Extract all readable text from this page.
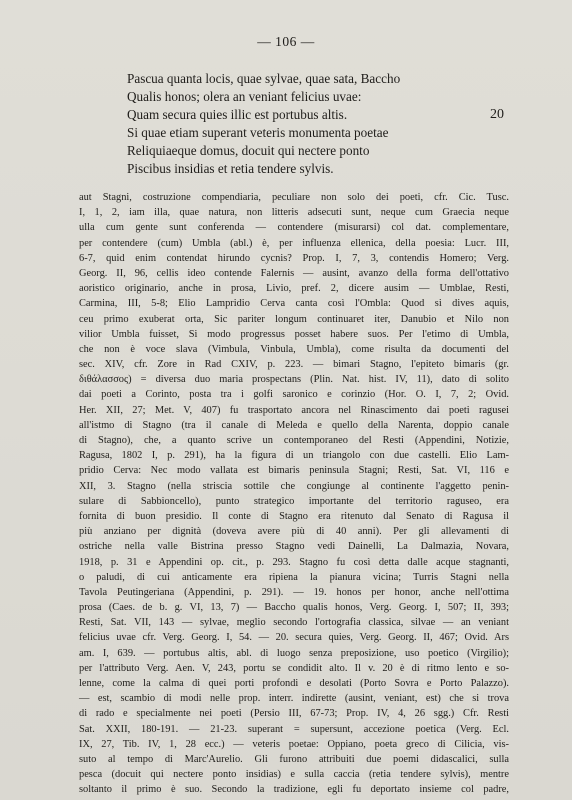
— 106 —
Pascua quanta locis, quae sylvae, quae sata, Bacchо
Qualis honos; olera an veniant felicius uvae:
Quam secura quies illic est portubus altis.	20
Si quae etiam superant veteris monumenta poetae
Reliquiaeque domus, docuit qui nectere ponto
Piscibus insidias et retia tendere sylvis.
aut Stagni, costruzione compendiaria, peculiare non solo dei poeti, cfr. Cic. Tusc.
I, 1, 2, iam illa, quae natura, non litteris adsecuti sunt, neque cum Graecia neque
ulla cum gente sunt conferenda — contendere (misurarsi) col dat. complementare,
per contendere (cum) Umbla (abl.) è, per influenza ellenica, della poesia: Lucr. III,
6-7, quid enim contendat hirundo cycnis? Prop. I, 7, 3, contendis Homero; Verg.
Georg. II, 96, cellis ideo contende Falernis — ausint, avanzo della forma dell'ottativo
aoristico originario, anche in prosa, Livio, pref. 2, dicere ausim — Umblae, Resti,
Carmina, III, 5-8; Elio Lampridio Cerva canta così l'Ombla: Quod si dives aquis,
ceu primo exuberat orta, Sic pariter longum continuaret iter, Danubio et Nilo non
vilior Umbla fuisset, Si modo progressus posset habere suos. Per l'etimo di Umbla,
che non è voce slava (Vimbula, Vinbula, Umbla), come risulta da documenti del
sec. XIV, cfr. Zore in Rad CXIV, p. 223. — bimari Stagno, l'epiteto bimaris (gr.
διθάλασσος) = diversa duo maria prospectans (Plin. Nat. hist. IV, 11), dato di solito
dai poeti a Corinto, posta tra i golfi saronico e corinzio (Hor. O. I, 7, 2; Ovid.
Her. XII, 27; Met. V, 407) fu trasportato ancora nel Rinascimento dai poeti ragusei
all'istmo di Stagno (tra il canale di Meleda e quello della Narenta, doppio canale
di Stagno), che, a quanto scrive un contemporaneo del Resti (Appendini, Notizie,
Ragusa, 1802 I, p. 291), ha la figura di un triangolo con due castelli. Elio Lam-
pridio Cerva: Nec modo vallata est bimaris peninsula Stagni; Resti, Sat. VI, 116 e
XII, 3. Stagno (nella striscia sottile che congiunge al continente l'aggetto penin-
sulare di Sabbioncello), punto strategico importante del territorio raguseo, era
fornita di buon presidio. Il conte di Stagno era ritenuto dal Senato di Ragusa il
più anziano per dignità (doveva avere più di 40 anni). Per gli allevamenti di
ostriche nella valle Bistrina presso Stagno vedi Dainelli, La Dalmazia, Novara,
1918, p. 31 e Appendini op. cit., p. 293. Stagno fu così detta dalle acque stagnanti,
o paludi, di cui anticamente era ripiena la pianura vicina; Turris Stagni nella
Tavola Peutingeriana (Appendini, p. 291). — 19. honos per honor, anche nell'ottima
prosa (Caes. de b. g. VI, 13, 7) — Baccho qualis honos, Verg. Georg. I, 507; II, 393;
Resti, Sat. VII, 143 — sylvae, meglio secondo l'ortografia classica, silvae — an veniant
felicius uvae cfr. Verg. Georg. I, 54. — 20. secura quies, Verg. Georg. II, 467; Ovid. Ars
am. I, 639. — portubus altis, abl. di luogo senza preposizione, uso poetico (Virgilio);
per l'attributo Verg. Aen. V, 243, portu se condidit alto. Il v. 20 è di ritmo lento e so-
lenne, come la calma di quei porti profondi e desolati (Porto Sovra e Porto Palazzo).
— est, scambio di modi nelle prop. interr. indirette (ausint, veniant, est) che si trova
di rado e specialmente nei poeti (Persio III, 67-73; Prop. IV, 4, 26 sgg.) Cfr. Resti
Sat. XXII, 180-191. — 21-23. superant = supersunt, accezione poetica (Verg. Ecl.
IX, 27, Tib. IV, 1, 28 ecc.) — veteris poetae: Oppiano, poeta greco di Cilicia, vis-
suto al tempo di Marc'Aurelio. Gli furono attribuiti due poemi didascalici, sulla
pesca (docuit qui nectere ponto insidias) e sulla caccia (retia tendere sylvis), mentre
soltanto il primo è suo. Secondo la tradizione, egli fu deportato insieme col padre,
